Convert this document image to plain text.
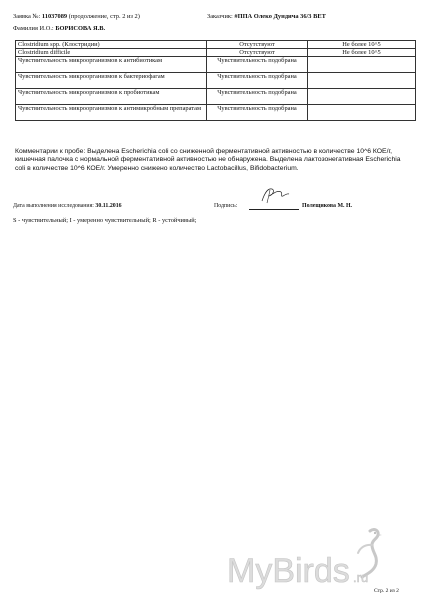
Заявка №: 11037089 (продолжение, стр. 2 из 2)	Заказчик: #ППА Олеко Дундича 36/3 ВЕТ
Фамилия И.О.: БОРИСОВА Я.В.
Clostridium spp. (Клостридии)	Отсутствуют	Не более 10^5
Clostridium difficile	Отсутствуют	Не более 10^5
Чувствительность микроорганизмов к антибиотикам	Чувствительность подобрана	
Чувствительность микроорганизмов к бактериофагам	Чувствительность подобрана	
Чувствительность микроорганизмов к пробиотикам	Чувствительность подобрана	
Чувствительность микроорганизмов к антимикробным препаратам	Чувствительность подобрана	
Комментарии к пробе: Выделена Escherichia coli со сниженной ферментативной активностью в количестве 10^6 КОЕ/г, кишечная палочка с нормальной ферментативной активностью не обнаружена. Выделена лактозонегативная Escherichia coli в количестве 10^6 КОЕ/г. Умеренно снижено количество Lactobacillus, Bifidobacterium.
Дата выполнения исследования: 30.11.2016	Подпись:	Полещикова М. Н.
S - чувствительный; I - умеренно чувствительный; R - устойчивый;
MyBirds .ru
Стр. 2 из 2
